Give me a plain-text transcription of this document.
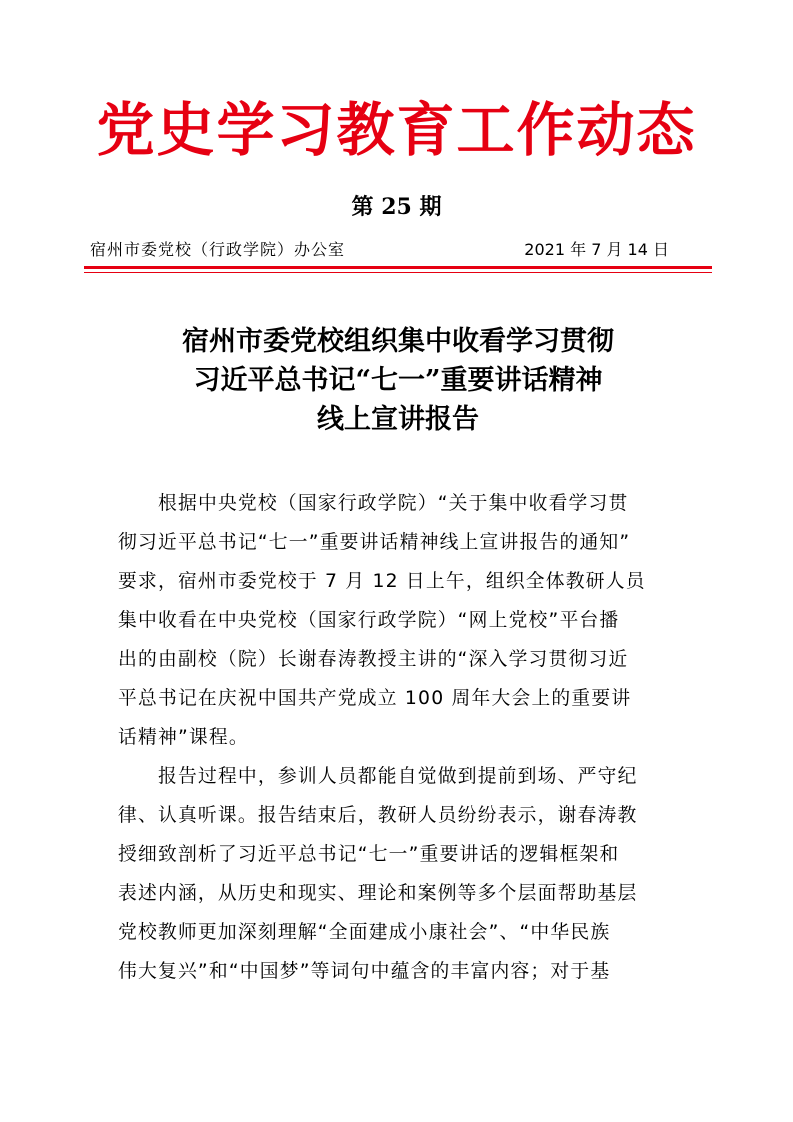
党史学习教育工作动态
第 25 期
宿州市委党校（行政学院）办公室	2021 年 7 月 14 日
宿州市委党校组织集中收看学习贯彻
习近平总书记“七一”重要讲话精神
线上宣讲报告
根据中央党校（国家行政学院）“关于集中收看学习贯
彻习近平总书记“七一”重要讲话精神线上宣讲报告的通知”
要求，宿州市委党校于 7 月 12 日上午，组织全体教研人员
集中收看在中央党校（国家行政学院）“网上党校”平台播
出的由副校（院）长谢春涛教授主讲的“深入学习贯彻习近
平总书记在庆祝中国共产党成立 100 周年大会上的重要讲
话精神”课程。
报告过程中，参训人员都能自觉做到提前到场、严守纪
律、认真听课。报告结束后，教研人员纷纷表示，谢春涛教
授细致剖析了习近平总书记“七一”重要讲话的逻辑框架和
表述内涵，从历史和现实、理论和案例等多个层面帮助基层
党校教师更加深刻理解“全面建成小康社会”、“中华民族
伟大复兴”和“中国梦”等词句中蕴含的丰富内容；对于基
